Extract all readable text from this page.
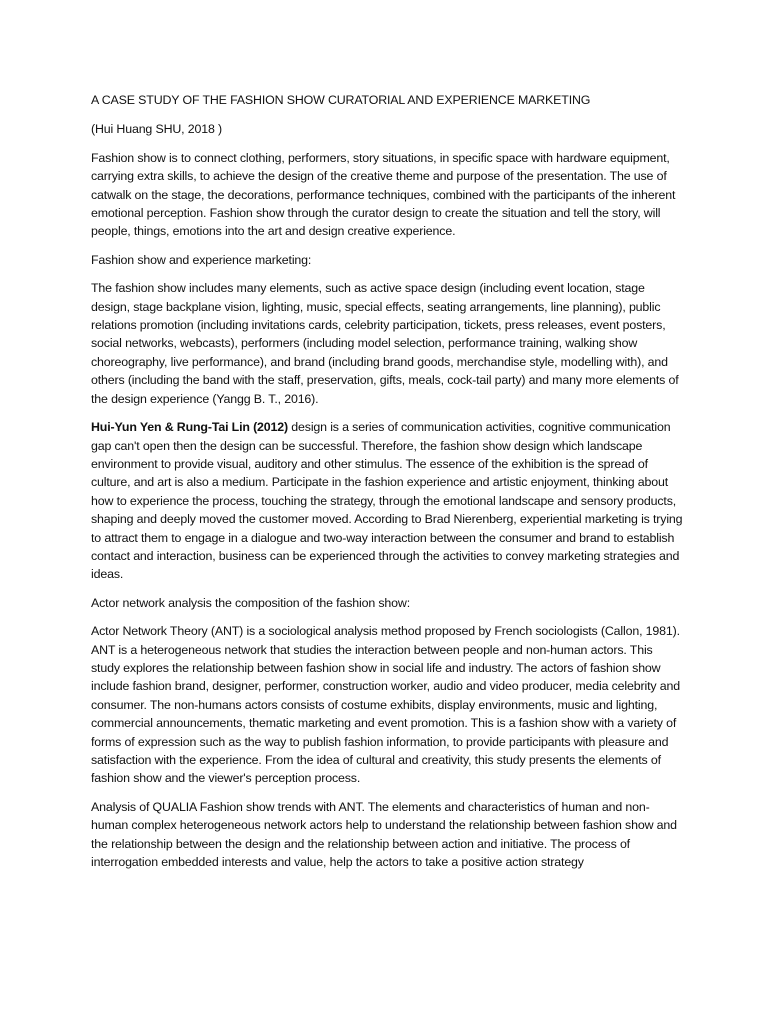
A CASE STUDY OF THE FASHION SHOW CURATORIAL AND EXPERIENCE MARKETING

(Hui Huang SHU, 2018 )

Fashion show is to connect clothing, performers, story situations, in specific space with hardware equipment, carrying extra skills, to achieve the design of the creative theme and purpose of the presentation. The use of catwalk on the stage, the decorations, performance techniques, combined with the participants of the inherent emotional perception. Fashion show through the curator design to create the situation and tell the story, will people, things, emotions into the art and design creative experience.

Fashion show and experience marketing:

The fashion show includes many elements, such as active space design (including event location, stage design, stage backplane vision, lighting, music, special effects, seating arrangements, line planning), public relations promotion (including invitations cards, celebrity participation, tickets, press releases, event posters, social networks, webcasts), performers (including model selection, performance training, walking show choreography, live performance), and brand (including brand goods, merchandise style, modelling with), and others (including the band with the staff, preservation, gifts, meals, cock-tail party) and many more elements of the design experience (Yangg B. T., 2016).

Hui-Yun Yen & Rung-Tai Lin (2012) design is a series of communication activities, cognitive communication gap can't open then the design can be successful. Therefore, the fashion show design which landscape environment to provide visual, auditory and other stimulus. The essence of the exhibition is the spread of culture, and art is also a medium. Participate in the fashion experience and artistic enjoyment, thinking about how to experience the process, touching the strategy, through the emotional landscape and sensory products, shaping and deeply moved the customer moved. According to Brad Nierenberg, experiential marketing is trying to attract them to engage in a dialogue and two-way interaction between the consumer and brand to establish contact and interaction, business can be experienced through the activities to convey marketing strategies and ideas.

Actor network analysis the composition of the fashion show:

Actor Network Theory (ANT) is a sociological analysis method proposed by French sociologists (Callon, 1981). ANT is a heterogeneous network that studies the interaction between people and non-human actors. This study explores the relationship between fashion show in social life and industry. The actors of fashion show include fashion brand, designer, performer, construction worker, audio and video producer, media celebrity and consumer. The non-humans actors consists of costume exhibits, display environments, music and lighting, commercial announcements, thematic marketing and event promotion. This is a fashion show with a variety of forms of expression such as the way to publish fashion information, to provide participants with pleasure and satisfaction with the experience. From the idea of cultural and creativity, this study presents the elements of fashion show and the viewer's perception process.

Analysis of QUALIA Fashion show trends with ANT. The elements and characteristics of human and non-human complex heterogeneous network actors help to understand the relationship between fashion show and the relationship between the design and the relationship between action and initiative. The process of interrogation embedded interests and value, help the actors to take a positive action strategy
